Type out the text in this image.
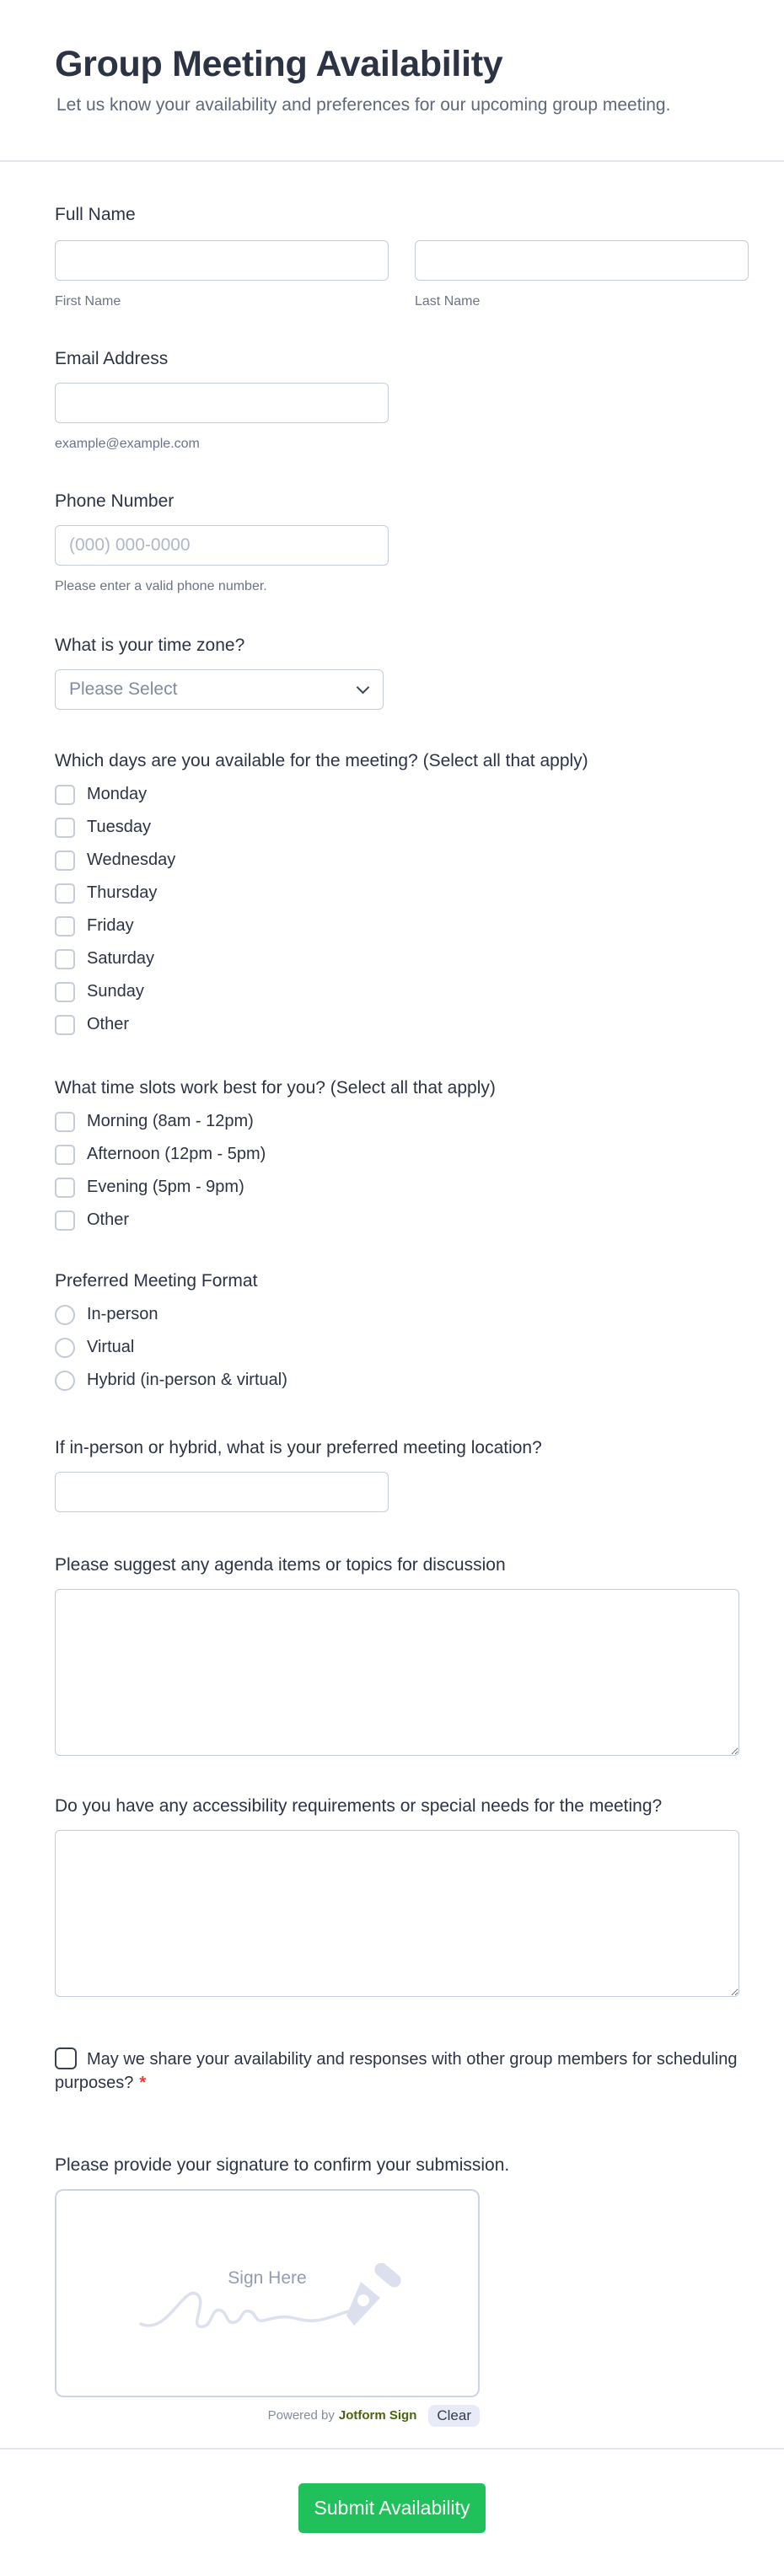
Group Meeting Availability
Let us know your availability and preferences for our upcoming group meeting.
Full Name
First Name	Last Name
Email Address
example@example.com
Phone Number
(000) 000-0000
Please enter a valid phone number.
What is your time zone?
Please Select
Which days are you available for the meeting? (Select all that apply)
Monday
Tuesday
Wednesday
Thursday
Friday
Saturday
Sunday
Other
What time slots work best for you? (Select all that apply)
Morning (8am - 12pm)
Afternoon (12pm - 5pm)
Evening (5pm - 9pm)
Other
Preferred Meeting Format
In-person
Virtual
Hybrid (in-person & virtual)
If in-person or hybrid, what is your preferred meeting location?
Please suggest any agenda items or topics for discussion
Do you have any accessibility requirements or special needs for the meeting?
May we share your availability and responses with other group members for scheduling purposes? *
Please provide your signature to confirm your submission.
Sign Here
Powered by Jotform Sign	Clear
Submit Availability
